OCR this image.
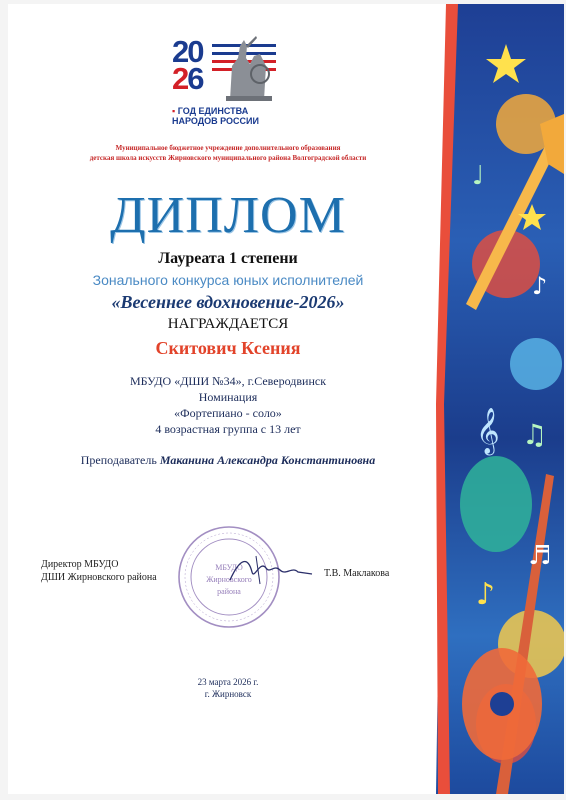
20
26
▪ ГОД ЕДИНСТВА
НАРОДОВ РОССИИ
Муниципальное бюджетное учреждение дополнительного образования
детская школа искусств Жирновского муниципального района Волгоградской области
ДИПЛОМ
Лауреата 1 степени
Зонального конкурса юных исполнителей
«Весеннее вдохновение-2026»
НАГРАЖДАЕТСЯ
Скитович Ксения
МБУДО «ДШИ №34», г.Северодвинск
Номинация
«Фортепиано - соло»
4 возрастная группа с 13 лет
Преподаватель Маканина Александра Константиновна
Директор МБУДО
ДШИ Жирновского района
МБУДО
Жирновского
района
Т.В. Маклакова
23 марта 2026 г.
г. Жирновск
𝄞 ♫
♪
♬
♩
♪
